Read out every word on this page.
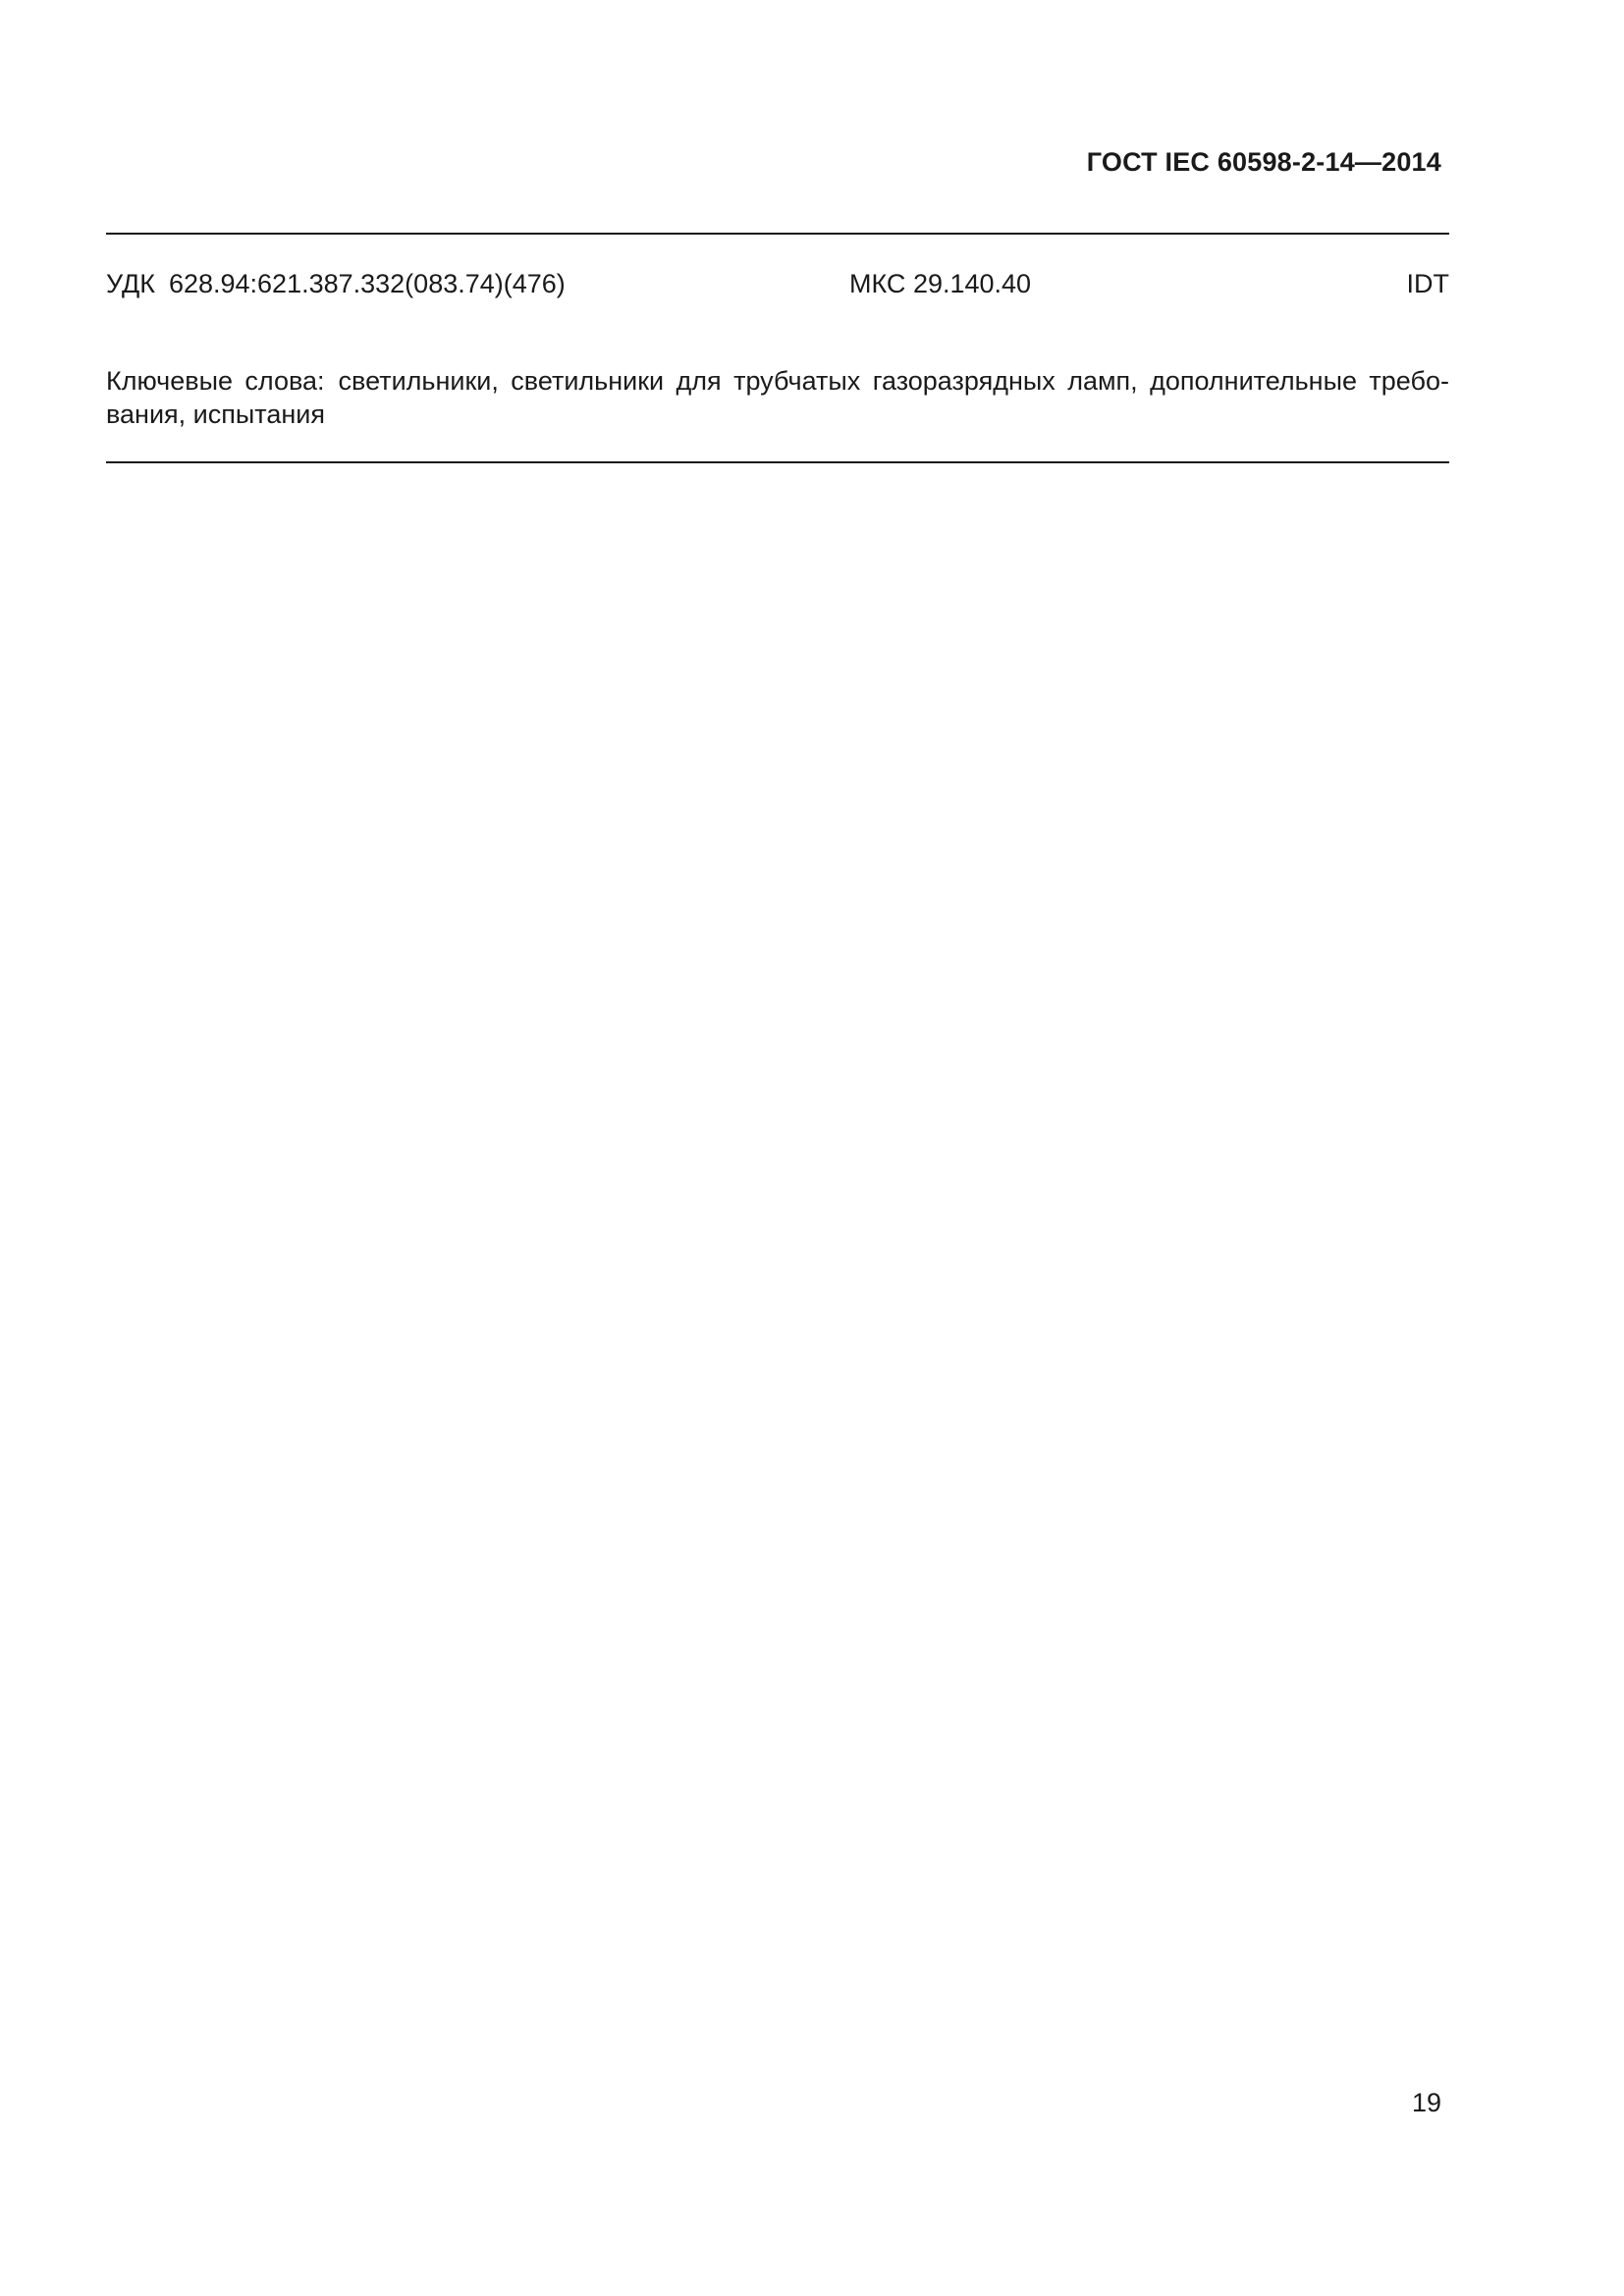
ГОСТ IEC 60598-2-14—2014
УДК 628.94:621.387.332(083.74)(476)	МКС 29.140.40	IDT
Ключевые слова: светильники, светильники для трубчатых газоразрядных ламп, дополнительные требо-вания, испытания
19
